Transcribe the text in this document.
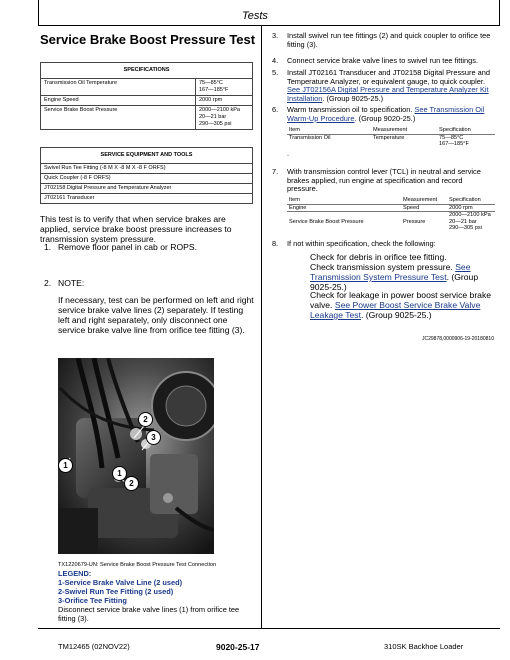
Tests
Service Brake Boost Pressure Test
SPECIFICATIONS	
Transmission Oil Temperature	75—85°C
167—185°F
Engine Speed	2000 rpm
Service Brake Boost Pressure	2000—2100 kPa
20—21 bar
290—305 psi
SERVICE EQUIPMENT AND TOOLS
Swivel Run Tee Fitting (-8 M X -8 M X -8 F ORFS)
Quick Coupler (-8 F ORFS)
JT02158 Digital Pressure and Temperature Analyzer
JT02161 Transducer
This test is to verify that when service brakes are applied, service brake boost pressure increases to transmission system pressure.
1. Remove floor panel in cab or ROPS.
2. NOTE:
If necessary, test can be performed on left and right service brake valve lines (2) separately. If testing left and right separately, only disconnect one service brake valve line from orifice tee fitting (3).
2
3
1
1
2
TX1220679-UN: Service Brake Boost Pressure Test Connection
LEGEND:
1-Service Brake Valve Line (2 used)
2-Swivel Run Tee Fitting (2 used)
3-Orifice Tee Fitting
Disconnect service brake valve lines (1) from orifice tee fitting (3).
3. Install swivel run tee fittings (2) and quick coupler to orifice tee fitting (3).
4. Connect service brake valve lines to swivel run tee fittings.
5. Install JT02161 Transducer and JT02158 Digital Pressure and Temperature Analyzer, or equivalent gauge, to quick coupler. See JT02156A Digital Pressure and Temperature Analyzer Kit Installation. (Group 9025-25.)
6. Warm transmission oil to specification. See Transmission Oil Warm-Up Procedure. (Group 9020-25.)
Item	Measurement	Specification
Transmission Oil	Temperature	75—85°C
167—185°F
.
7. With transmission control lever (TCL) in neutral and service brakes applied, run engine at specification and record pressure.
Item	Measurement	Specification
Engine	Speed	2000 rpm
Service Brake Boost Pressure	Pressure	2000—2100 kPa
20—21 bar
290—305 psi
8. If not within specification, check the following:
Check for debris in orifice tee fitting.
Check transmission system pressure. See Transmission System Pressure Test. (Group 9025-25.)
Check for leakage in power boost service brake valve. See Power Boost Service Brake Valve Leakage Test. (Group 9025-25.)
JC29878,0000906-19-20180810
TM12465 (02NOV22)	9020-25-17	310SK Backhoe Loader
